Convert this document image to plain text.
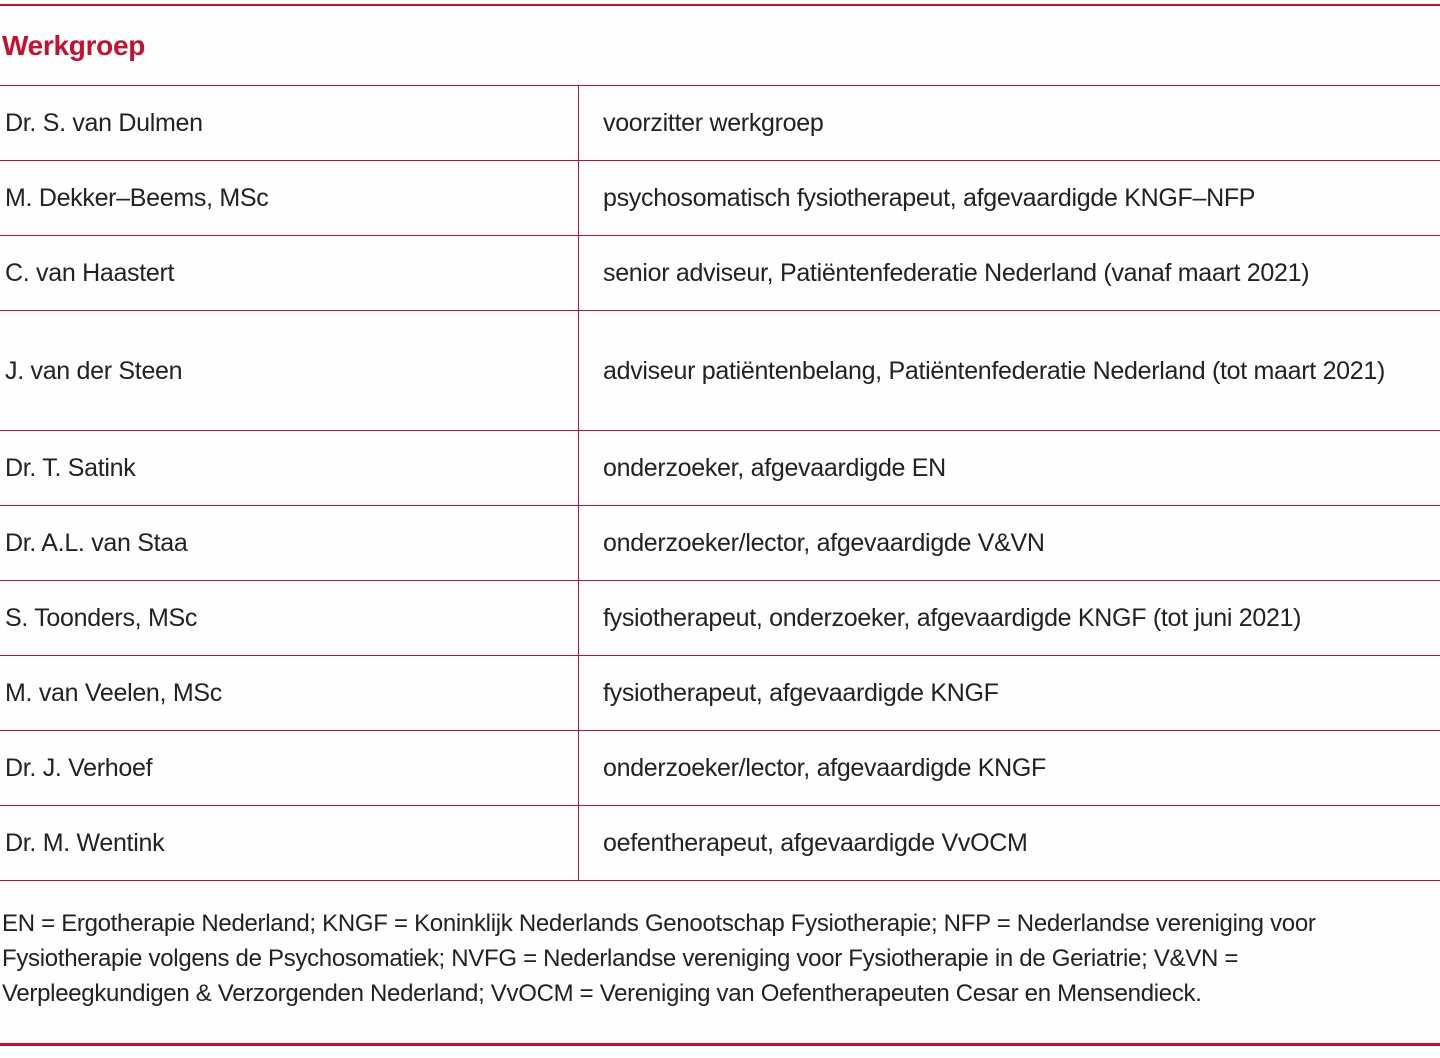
Werkgroep
Dr. S. van Dulmen	voorzitter werkgroep
M. Dekker–Beems, MSc	psychosomatisch fysiotherapeut, afgevaardigde KNGF–NFP
C. van Haastert	senior adviseur, Patiëntenfederatie Nederland (vanaf maart 2021)
J. van der Steen	adviseur patiëntenbelang, Patiëntenfederatie Nederland (tot maart 2021)
Dr. T. Satink	onderzoeker, afgevaardigde EN
Dr. A.L. van Staa	onderzoeker/lector, afgevaardigde V&VN
S. Toonders, MSc	fysiotherapeut, onderzoeker, afgevaardigde KNGF (tot juni 2021)
M. van Veelen, MSc	fysiotherapeut, afgevaardigde KNGF
Dr. J. Verhoef	onderzoeker/lector, afgevaardigde KNGF
Dr. M. Wentink	oefentherapeut, afgevaardigde VvOCM
EN = Ergotherapie Nederland; KNGF = Koninklijk Nederlands Genootschap Fysiotherapie; NFP = Nederlandse vereniging voor Fysiotherapie volgens de Psychosomatiek; NVFG = Nederlandse vereniging voor Fysiotherapie in de Geriatrie; V&VN = Verpleegkundigen & Verzorgenden Nederland; VvOCM = Vereniging van Oefentherapeuten Cesar en Mensendieck.
